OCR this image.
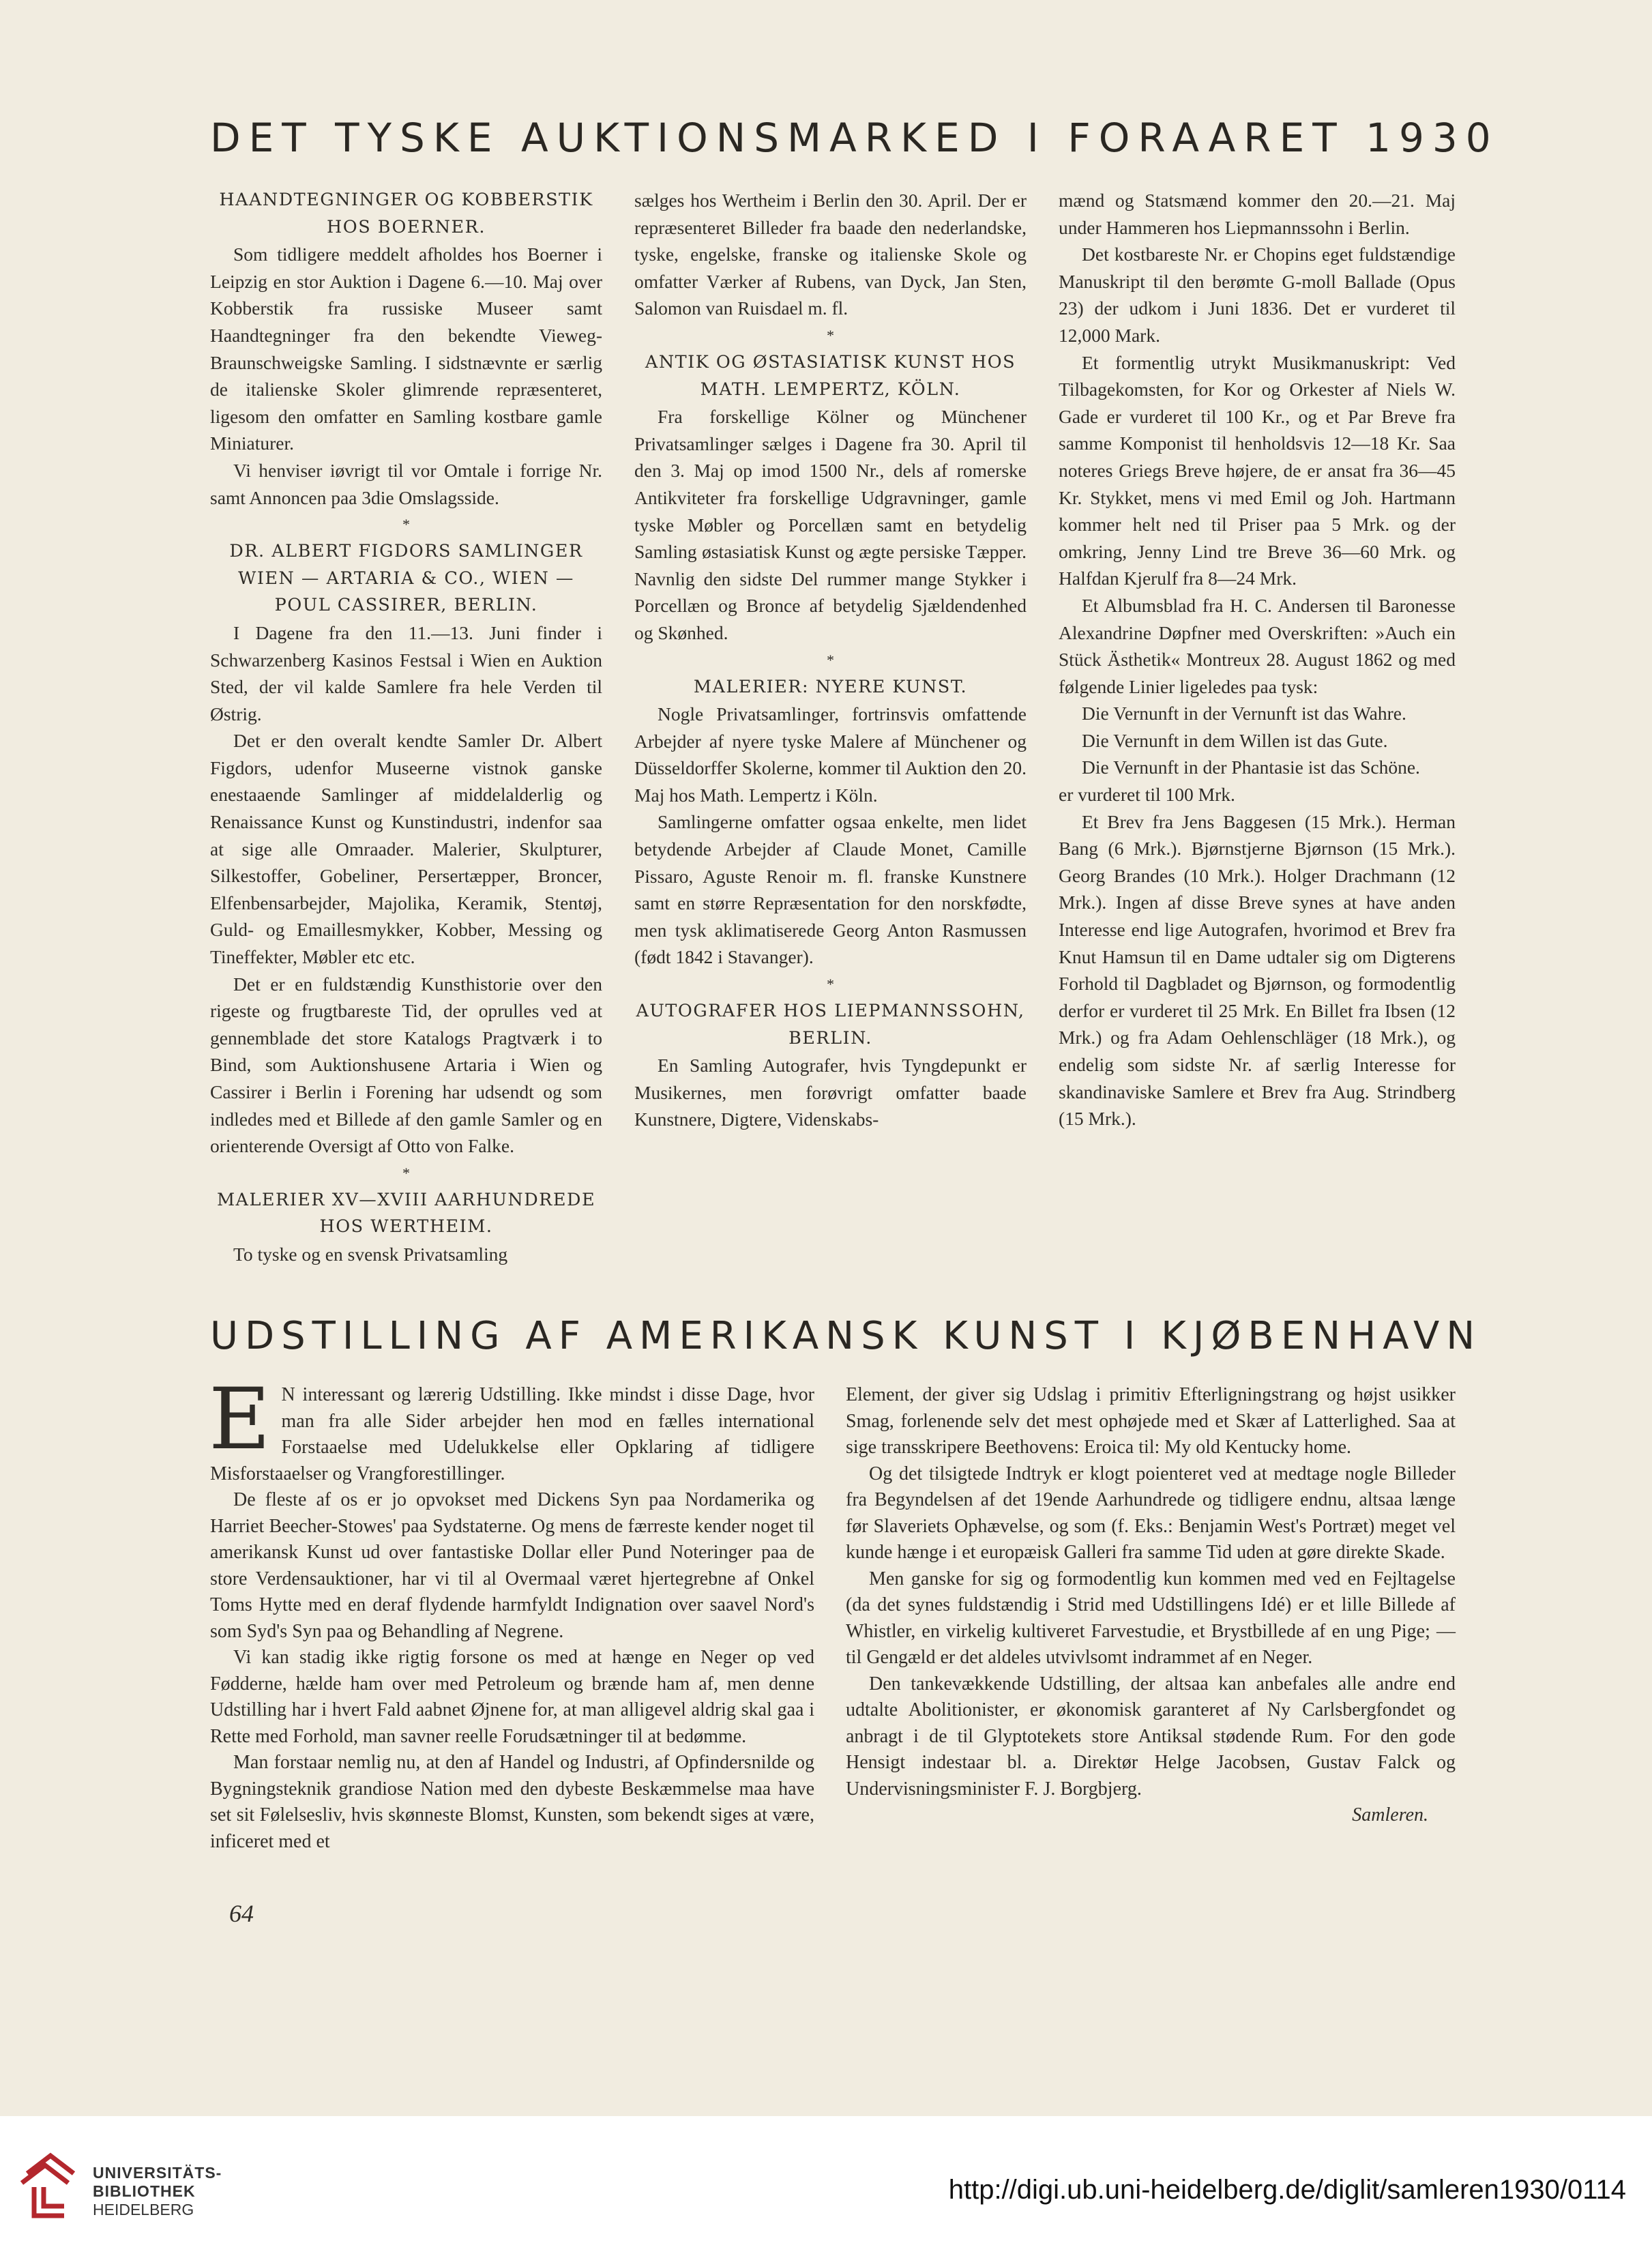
DET TYSKE AUKTIONSMARKED I FORAARET 1930

HAANDTEGNINGER OG KOBBERSTIK HOS BOERNER.

Som tidligere meddelt afholdes hos Boerner i Leipzig en stor Auktion i Dagene 6.—10. Maj over Kobberstik fra russiske Museer samt Haandtegninger fra den bekendte Vieweg-Braunschweigske Samling. I sidstnævnte er særlig de italienske Skoler glimrende repræsenteret, ligesom den omfatter en Samling kostbare gamle Miniaturer.

Vi henviser iøvrigt til vor Omtale i forrige Nr. samt Annoncen paa 3die Omslagsside.

*

DR. ALBERT FIGDORS SAMLINGER WIEN — ARTARIA & CO., WIEN — POUL CASSIRER, BERLIN.

I Dagene fra den 11.—13. Juni finder i Schwarzenberg Kasinos Festsal i Wien en Auktion Sted, der vil kalde Samlere fra hele Verden til Østrig.

Det er den overalt kendte Samler Dr. Albert Figdors, udenfor Museerne vistnok ganske enestaaende Samlinger af middelalderlig og Renaissance Kunst og Kunstindustri, indenfor saa at sige alle Omraader. Malerier, Skulpturer, Silkestoffer, Gobeliner, Persertæpper, Broncer, Elfenbensarbejder, Majolika, Keramik, Stentøj, Guld- og Emaillesmykker, Kobber, Messing og Tineffekter, Møbler etc etc.

Det er en fuldstændig Kunsthistorie over den rigeste og frugtbareste Tid, der oprulles ved at gennemblade det store Katalogs Pragtværk i to Bind, som Auktionshusene Artaria i Wien og Cassirer i Berlin i Forening har udsendt og som indledes med et Billede af den gamle Samler og en orienterende Oversigt af Otto von Falke.

*

MALERIER XV—XVIII AARHUNDREDE HOS WERTHEIM.

To tyske og en svensk Privatsamling

sælges hos Wertheim i Berlin den 30. April. Der er repræsenteret Billeder fra baade den nederlandske, tyske, engelske, franske og italienske Skole og omfatter Værker af Rubens, van Dyck, Jan Sten, Salomon van Ruisdael m. fl.

*

ANTIK OG ØSTASIATISK KUNST HOS MATH. LEMPERTZ, KÖLN.

Fra forskellige Kölner og Münchener Privatsamlinger sælges i Dagene fra 30. April til den 3. Maj op imod 1500 Nr., dels af romerske Antikviteter fra forskellige Udgravninger, gamle tyske Møbler og Porcellæn samt en betydelig Samling østasiatisk Kunst og ægte persiske Tæpper. Navnlig den sidste Del rummer mange Stykker i Porcellæn og Bronce af betydelig Sjældendenhed og Skønhed.

*

MALERIER: NYERE KUNST.

Nogle Privatsamlinger, fortrinsvis omfattende Arbejder af nyere tyske Malere af Münchener og Düsseldorffer Skolerne, kommer til Auktion den 20. Maj hos Math. Lempertz i Köln.

Samlingerne omfatter ogsaa enkelte, men lidet betydende Arbejder af Claude Monet, Camille Pissaro, Aguste Renoir m. fl. franske Kunstnere samt en større Repræsentation for den norskfødte, men tysk aklimatiserede Georg Anton Rasmussen (født 1842 i Stavanger).

*

AUTOGRAFER HOS LIEPMANNSSOHN, BERLIN.

En Samling Autografer, hvis Tyngdepunkt er Musikernes, men forøvrigt omfatter baade Kunstnere, Digtere, Videnskabs-

mænd og Statsmænd kommer den 20.—21. Maj under Hammeren hos Liepmannssohn i Berlin.

Det kostbareste Nr. er Chopins eget fuldstændige Manuskript til den berømte G-moll Ballade (Opus 23) der udkom i Juni 1836. Det er vurderet til 12,000 Mark.

Et formentlig utrykt Musikmanuskript: Ved Tilbagekomsten, for Kor og Orkester af Niels W. Gade er vurderet til 100 Kr., og et Par Breve fra samme Komponist til henholdsvis 12—18 Kr. Saa noteres Griegs Breve højere, de er ansat fra 36—45 Kr. Stykket, mens vi med Emil og Joh. Hartmann kommer helt ned til Priser paa 5 Mrk. og der omkring, Jenny Lind tre Breve 36—60 Mrk. og Halfdan Kjerulf fra 8—24 Mrk.

Et Albumsblad fra H. C. Andersen til Baronesse Alexandrine Døpfner med Overskriften: »Auch ein Stück Ästhetik« Montreux 28. August 1862 og med følgende Linier ligeledes paa tysk:

Die Vernunft in der Vernunft ist das Wahre.

Die Vernunft in dem Willen ist das Gute.

Die Vernunft in der Phantasie ist das Schöne.

er vurderet til 100 Mrk.

Et Brev fra Jens Baggesen (15 Mrk.). Herman Bang (6 Mrk.). Bjørnstjerne Bjørnson (15 Mrk.). Georg Brandes (10 Mrk.). Holger Drachmann (12 Mrk.). Ingen af disse Breve synes at have anden Interesse end lige Autografen, hvorimod et Brev fra Knut Hamsun til en Dame udtaler sig om Digterens Forhold til Dagbladet og Bjørnson, og formodentlig derfor er vurderet til 25 Mrk. En Billet fra Ibsen (12 Mrk.) og fra Adam Oehlenschläger (18 Mrk.), og endelig som sidste Nr. af særlig Interesse for skandinaviske Samlere et Brev fra Aug. Strindberg (15 Mrk.).

UDSTILLING AF AMERIKANSK KUNST I KJØBENHAVN

E N interessant og lærerig Udstilling. Ikke mindst i disse Dage, hvor man fra alle Sider arbejder hen mod en fælles international Forstaaelse med Udelukkelse eller Opklaring af tidligere Misforstaaelser og Vrangforestillinger.

De fleste af os er jo opvokset med Dickens Syn paa Nordamerika og Harriet Beecher-Stowes' paa Sydstaterne. Og mens de færreste kender noget til amerikansk Kunst ud over fantastiske Dollar eller Pund Noteringer paa de store Verdensauktioner, har vi til al Overmaal været hjertegrebne af Onkel Toms Hytte med en deraf flydende harmfyldt Indignation over saavel Nord's som Syd's Syn paa og Behandling af Negrene.

Vi kan stadig ikke rigtig forsone os med at hænge en Neger op ved Fødderne, hælde ham over med Petroleum og brænde ham af, men denne Udstilling har i hvert Fald aabnet Øjnene for, at man alligevel aldrig skal gaa i Rette med Forhold, man savner reelle Forudsætninger til at bedømme.

Man forstaar nemlig nu, at den af Handel og Industri, af Opfindersnilde og Bygningsteknik grandiose Nation med den dybeste Beskæmmelse maa have set sit Følelsesliv, hvis skønneste Blomst, Kunsten, som bekendt siges at være, inficeret med et

Element, der giver sig Udslag i primitiv Efterligningstrang og højst usikker Smag, forlenende selv det mest ophøjede med et Skær af Latterlighed. Saa at sige transskripere Beethovens: Eroica til: My old Kentucky home.

Og det tilsigtede Indtryk er klogt poienteret ved at medtage nogle Billeder fra Begyndelsen af det 19ende Aarhundrede og tidligere endnu, altsaa længe før Slaveriets Ophævelse, og som (f. Eks.: Benjamin West's Portræt) meget vel kunde hænge i et europæisk Galleri fra samme Tid uden at gøre direkte Skade.

Men ganske for sig og formodentlig kun kommen med ved en Fejltagelse (da det synes fuldstændig i Strid med Udstillingens Idé) er et lille Billede af Whistler, en virkelig kultiveret Farvestudie, et Brystbillede af en ung Pige; — til Gengæld er det aldeles utvivlsomt indrammet af en Neger.

Den tankevækkende Udstilling, der altsaa kan anbefales alle andre end udtalte Abolitionister, er økonomisk garanteret af Ny Carlsbergfondet og anbragt i de til Glyptotekets store Antiksal stødende Rum. For den gode Hensigt indestaar bl. a. Direktør Helge Jacobsen, Gustav Falck og Undervisningsminister F. J. Borgbjerg.

Samleren.

64
UNIVERSITÄTS-
BIBLIOTHEK
HEIDELBERG
http://digi.ub.uni-heidelberg.de/diglit/samleren1930/0114
